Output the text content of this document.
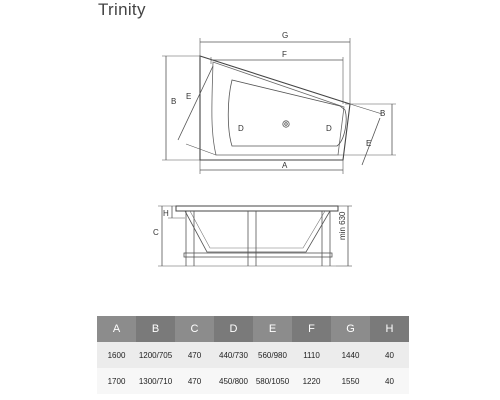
Trinity
G
F
B
E
D	D
B
E
A
C
H	min 630
A	B	C	D	E	F	G	H
1600	1200/705	470	440/730	560/980	1110	1440	40
1700	1300/710	470	450/800	580/1050	1220	1550	40
